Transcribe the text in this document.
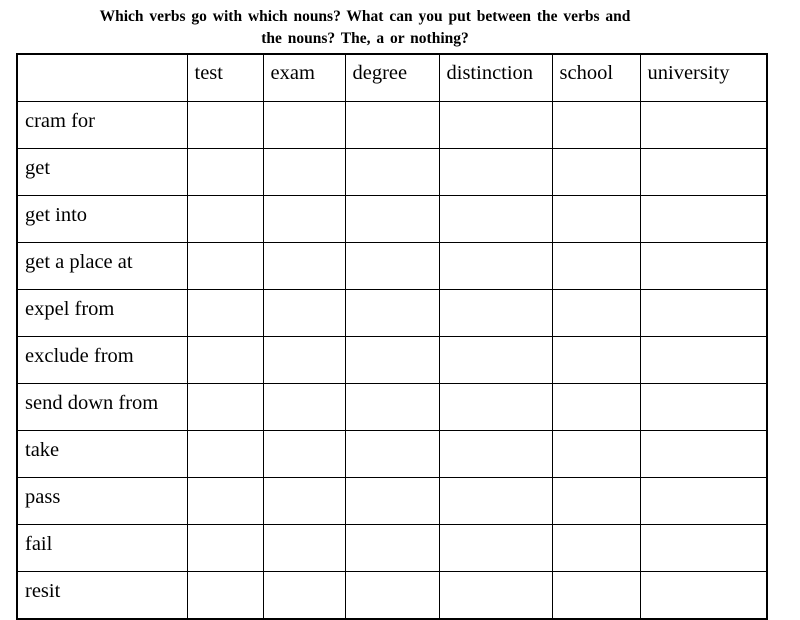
Which verbs go with which nouns? What can you put between the verbs and
the nouns? The, a or nothing?
	test	exam	degree	distinction	school	university
cram for						
get						
get into						
get a place at						
expel from						
exclude from						
send down from						
take						
pass						
fail						
resit						
